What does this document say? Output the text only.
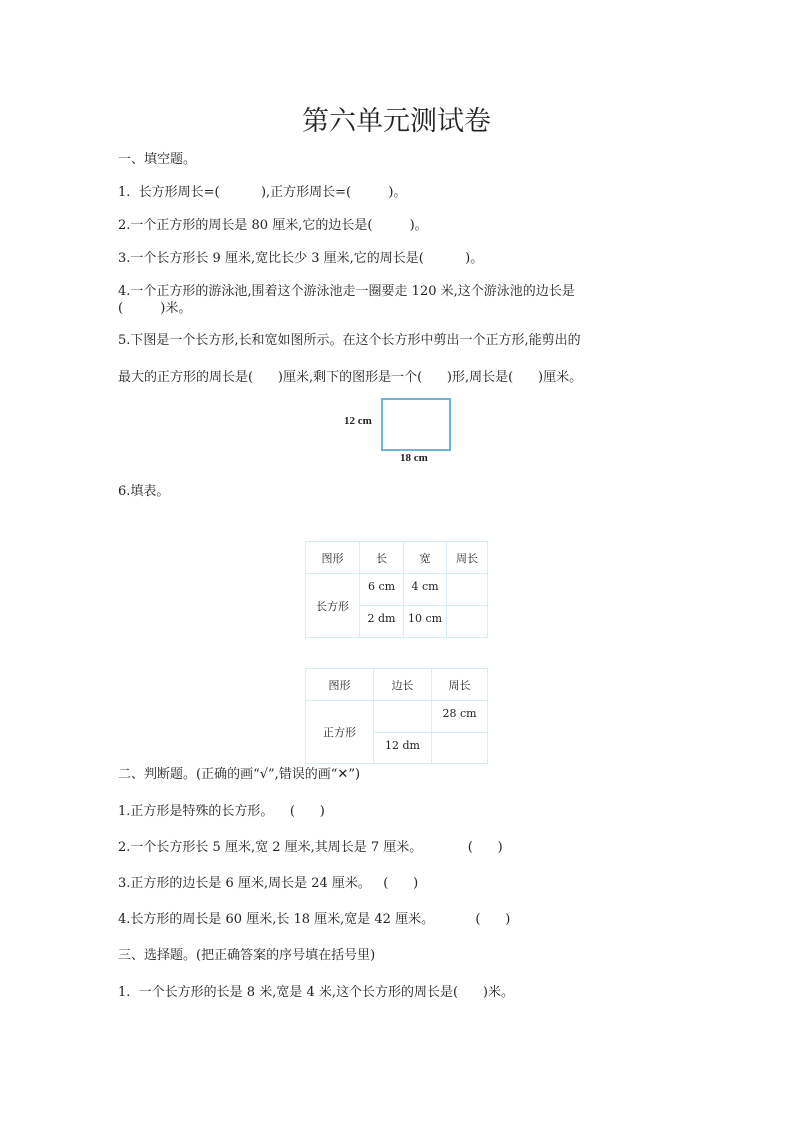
第六单元测试卷
一、填空题。
1.  长方形周长=(          ),正方形周长=(         )。
2.一个正方形的周长是 80 厘米,它的边长是(         )。
3.一个长方形长 9 厘米,宽比长少 3 厘米,它的周长是(          )。
4.一个正方形的游泳池,围着这个游泳池走一圈要走 120 米,这个游泳池的边长是
(         )米。
5.下图是一个长方形,长和宽如图所示。在这个长方形中剪出一个正方形,能剪出的
最大的正方形的周长是(      )厘米,剩下的图形是一个(      )形,周长是(      )厘米。
12 cm
18 cm
6.填表。
图形	长	宽	周长
长方形	6 cm	4 cm	
	2 dm	10 cm	
图形	边长	周长
正方形		28 cm
	12 dm	
二、判断题。(正确的画“√”,错误的画“✕”)
1.正方形是特殊的长方形。    (      )
2.一个长方形长 5 厘米,宽 2 厘米,其周长是 7 厘米。           (      )
3.正方形的边长是 6 厘米,周长是 24 厘米。   (      )
4.长方形的周长是 60 厘米,长 18 厘米,宽是 42 厘米。          (      )
三、选择题。(把正确答案的序号填在括号里)
1.  一个长方形的长是 8 米,宽是 4 米,这个长方形的周长是(      )米。
